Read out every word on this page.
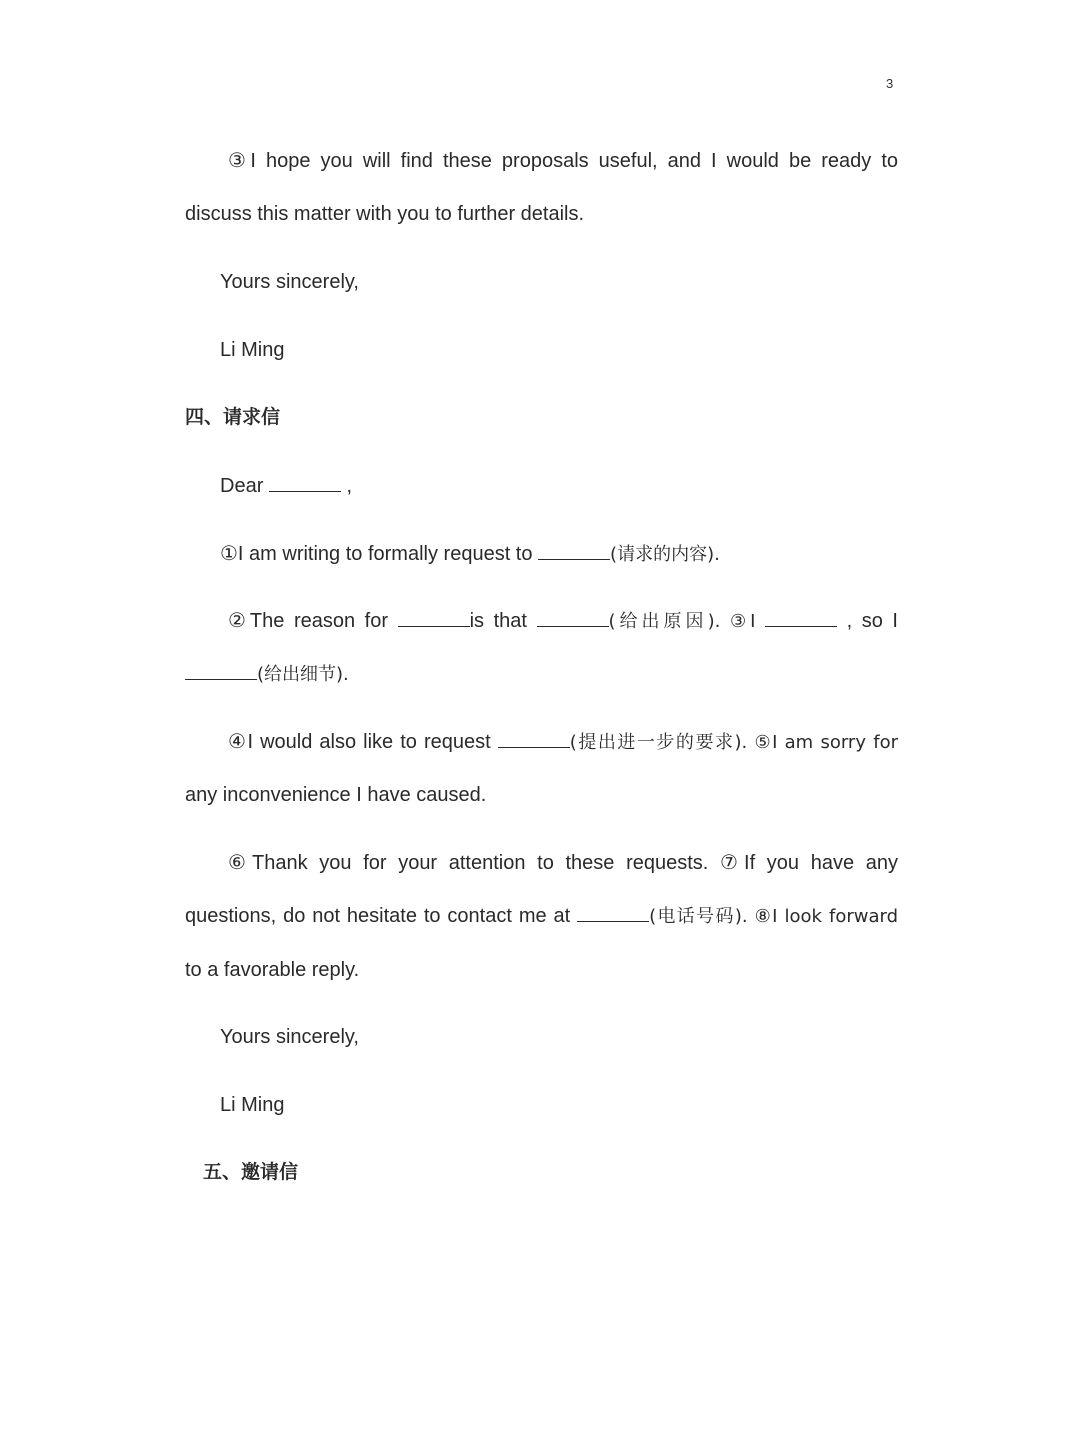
3
③I hope you will find these proposals useful, and I would be ready to
discuss this matter with you to further details.
Yours sincerely,
Li Ming
四、请求信
Dear	,
①I am writing to formally request to	(请求的内容).
②The reason for	is that	(给出原因). ③I	, so I
(给出细节).
④I would also like to request	(提出进一步的要求). ⑤I am sorry for
any inconvenience I have caused.
⑥Thank you for your attention to these requests. ⑦If you have any
questions, do not hesitate to contact me at	(电话号码). ⑧I look forward
to a favorable reply.
Yours sincerely,
Li Ming
五、邀请信
